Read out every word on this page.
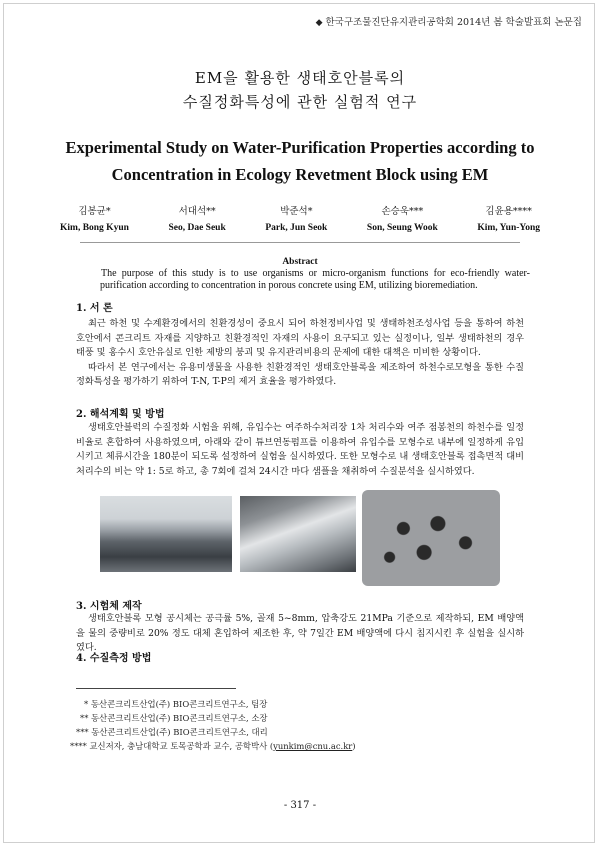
◆ 한국구조물진단유지관리공학회 2014년 봄 학술발표회 논문집
EM을 활용한 생태호안블록의
수질정화특성에 관한 실험적 연구
Experimental Study on Water-Purification Properties according to
Concentration in Ecology Revetment Block using EM
김봉균*
Kim, Bong Kyun
서대석**
Seo, Dae Seuk
박준석*
Park, Jun Seok
손승욱***
Son, Seung Wook
김윤용****
Kim, Yun-Yong
Abstract
The purpose of this study is to use organisms or micro-organism functions for eco-friendly water-purification according to concentration in porous concrete using EM, utilizing bioremediation.
1. 서 론

최근 하천 및 수계환경에서의 친환경성이 중요시 되어 하천정비사업 및 생태하천조성사업 등을 통하여 하천 호안에서 콘크리트 자재를 지양하고 친환경적인 자재의 사용이 요구되고 있는 실정이나, 일부 생태하천의 경우 태풍 및 홍수시 호안유실로 인한 제방의 붕괴 및 유지관리비용의 문제에 대한 대책은 미비한 상황이다.

따라서 본 연구에서는 유용미생물을 사용한 친환경적인 생태호안블록을 제조하여 하천수로모형을 통한 수질정화특성을 평가하기 위하여 T-N, T-P의 제거 효율을 평가하였다.

2. 해석계획 및 방법

생태호안블럭의 수질정화 시험을 위해, 유입수는 여주하수처리장 1차 처리수와 여주 점봉천의 하천수를 일정 비율로 혼합하여 사용하였으며, 아래와 같이 튜브연동펌프를 이용하여 유입수를 모형수로 내부에 일정하게 유입시키고 체류시간을 180분이 되도록 설정하여 실험을 실시하였다. 또한 모형수로 내 생태호안블록 접촉면적 대비 처리수의 비는 약 1: 5로 하고, 총 7회에 걸쳐 24시간 마다 샘플을 채취하여 수질분석을 실시하였다.

3. 시험체 제작

생태호안블록 모형 공시체는 공극률 5%, 골재 5~8mm, 압축강도 21MPa 기준으로 제작하되, EM 배양액을 물의 중량비로 20% 정도 대체 혼입하여 제조한 후, 약 7일간 EM 배양액에 다시 침지시킨 후 실험을 실시하였다.

4. 수질측정 방법
* 동산콘크리트산업(주) BIO콘크리트연구소, 팀장
** 동산콘크리트산업(주) BIO콘크리트연구소, 소장
*** 동산콘크리트산업(주) BIO콘크리트연구소, 대리
**** 교신저자, 충남대학교 토목공학과 교수, 공학박사 (yunkim@cnu.ac.kr)
- 317 -
